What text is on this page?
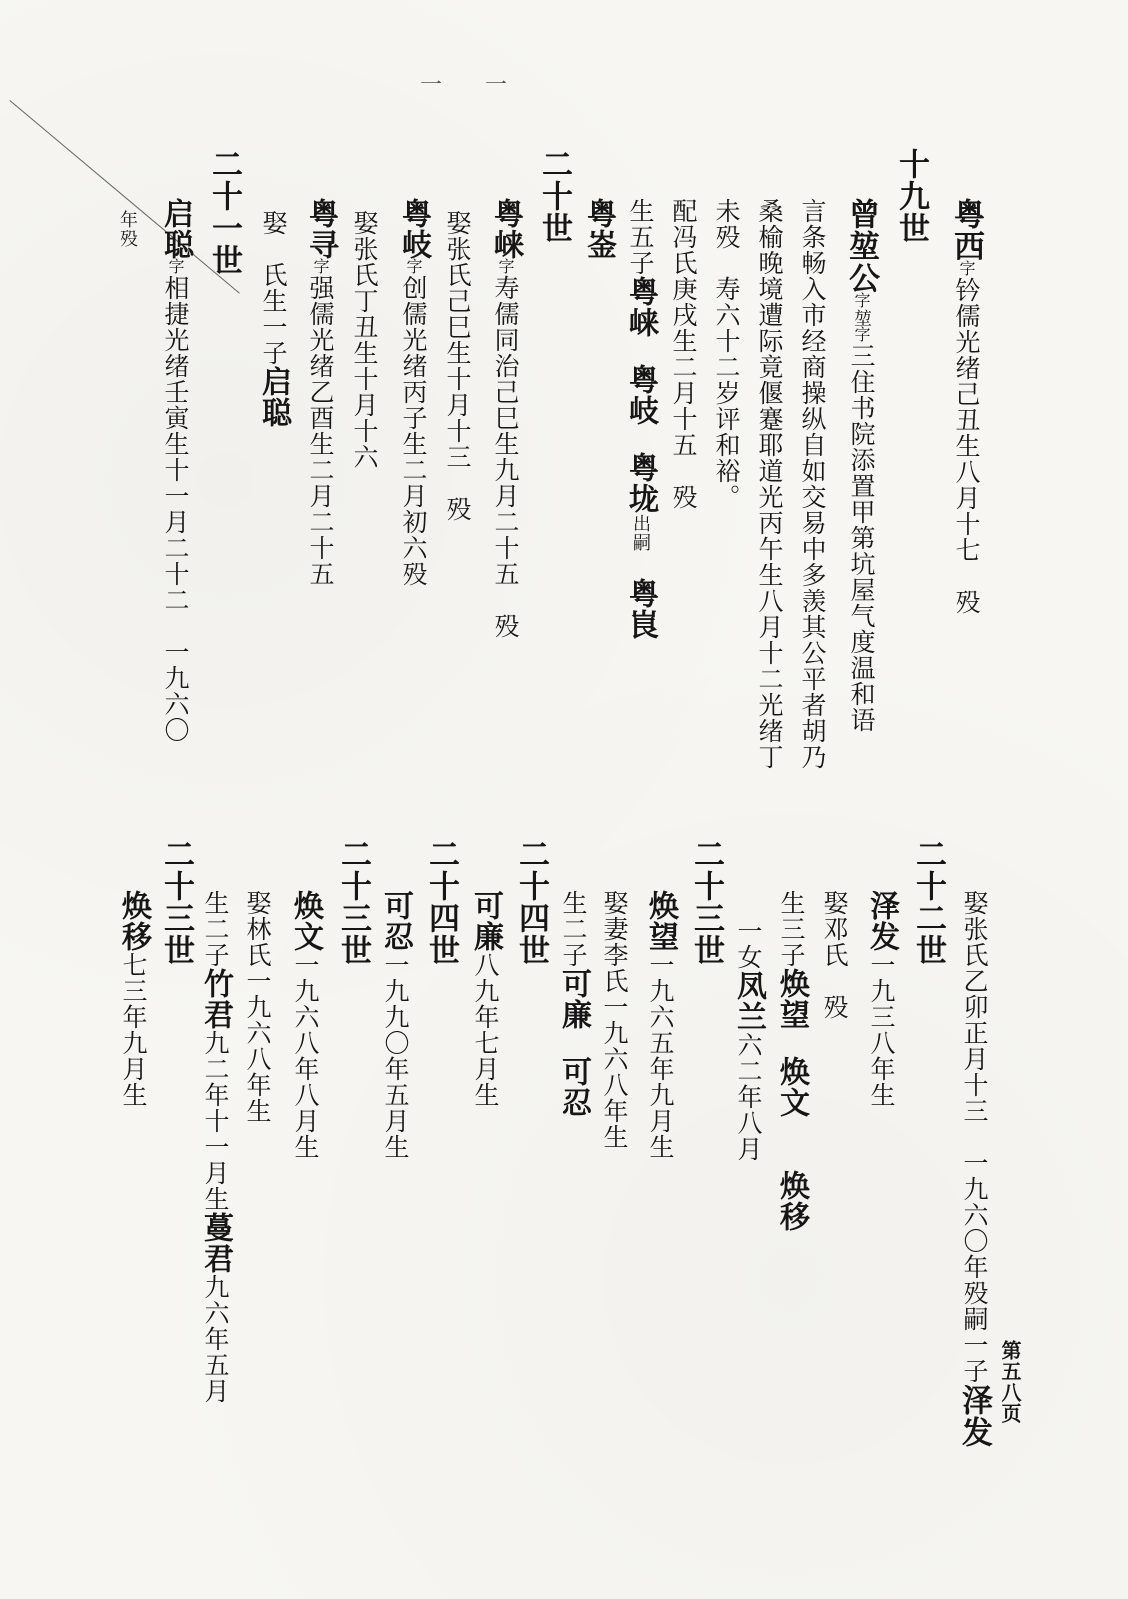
一 一
第五八页
粤西字钤儒光绪己丑生八月十七殁
十九世
曾堃公字堃字三住书院添置甲第坑屋气度温和语
言条畅入市经商操纵自如交易中多羡其公平者胡乃
桑榆晚境遭际竟偃蹇耶道光丙午生八月十二光绪丁
未殁　寿六十二岁评和裕。
配冯氏庚戌生二月十五殁
生五子粤崃粤岐粤垅出嗣粤峎
粤崟
二十世
粤崃字寿儒同治己巳生九月二十五殁
娶张氏己巳生十月十三殁
粤岐字创儒光绪丙子生二月初六殁
娶张氏丁丑生十月十六
粤寻字强儒光绪乙酉生二月二十五
娶　氏生一子启聪
二十一世
启聪字相捷光绪壬寅生十一月二十二　一九六〇
年殁
娶张氏乙卯正月十三　一九六〇年殁嗣一子泽发
二十二世
泽发一九三八年生
娶邓氏　殁
生三子焕望焕文焕移
一女凤兰六二年八月
二十三世
焕望一九六五年九月生
娶妻李氏一九六八年生
生二子可廉可忍
二十四世
可廉八九年七月生
二十四世
可忍一九九〇年五月生
二十三世
焕文一九六八年八月生
娶林氏一九六八年生
生二子竹君九二年十一月生蔓君九六年五月
二十三世
焕移七三年九月生
